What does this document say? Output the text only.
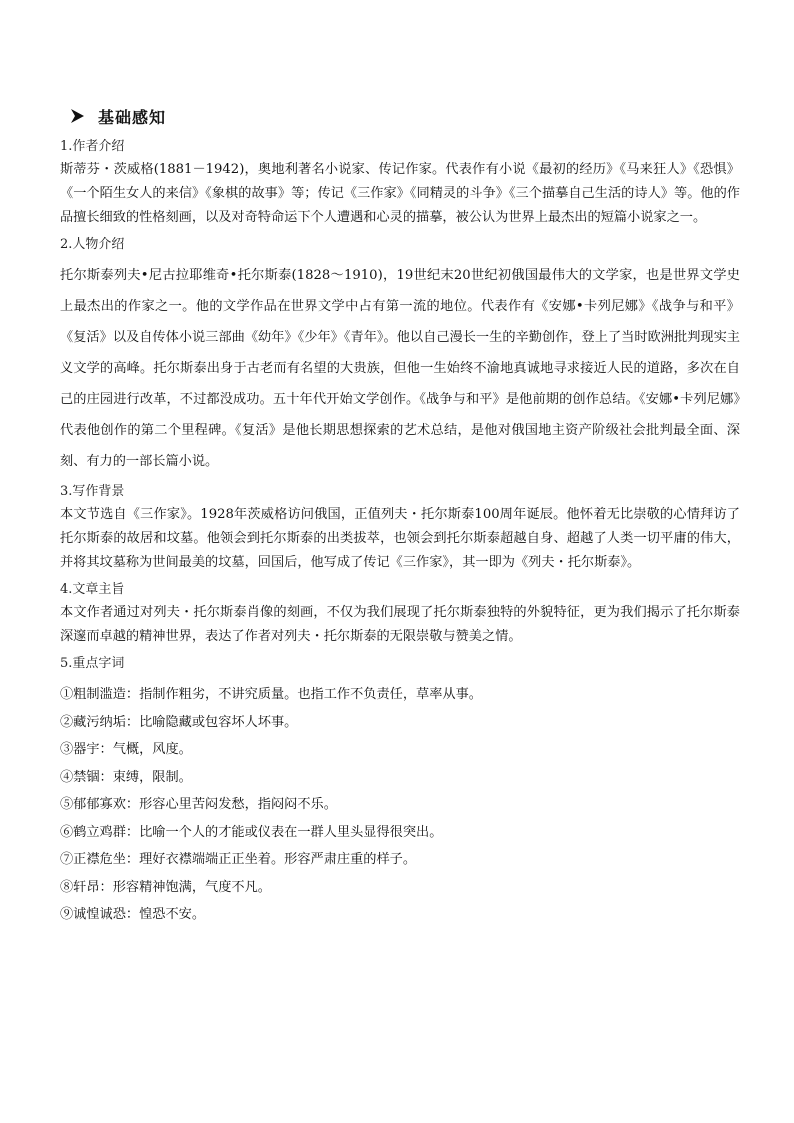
基础感知
1.作者介绍
斯蒂芬・茨威格(1881－1942)，奥地利著名小说家、传记作家。代表作有小说《最初的经历》《马来狂人》《恐惧》《一个陌生女人的来信》《象棋的故事》等；传记《三作家》《同精灵的斗争》《三个描摹自己生活的诗人》等。他的作品擅长细致的性格刻画，以及对奇特命运下个人遭遇和心灵的描摹，被公认为世界上最杰出的短篇小说家之一。
2.人物介绍
托尔斯泰列夫•尼古拉耶维奇•托尔斯泰(1828～1910)，19世纪末20世纪初俄国最伟大的文学家，也是世界文学史上最杰出的作家之一。他的文学作品在世界文学中占有第一流的地位。代表作有《安娜•卡列尼娜》《战争与和平》《复活》以及自传体小说三部曲《幼年》《少年》《青年》。他以自己漫长一生的辛勤创作，登上了当时欧洲批判现实主义文学的高峰。托尔斯泰出身于古老而有名望的大贵族，但他一生始终不渝地真诚地寻求接近人民的道路，多次在自己的庄园进行改革，不过都没成功。五十年代开始文学创作。《战争与和平》是他前期的创作总结。《安娜•卡列尼娜》代表他创作的第二个里程碑。《复活》是他长期思想探索的艺术总结，是他对俄国地主资产阶级社会批判最全面、深刻、有力的一部长篇小说。
3.写作背景
本文节选自《三作家》。1928年茨威格访问俄国，正值列夫・托尔斯泰100周年诞辰。他怀着无比崇敬的心情拜访了托尔斯泰的故居和坟墓。他领会到托尔斯泰的出类拔萃，也领会到托尔斯泰超越自身、超越了人类一切平庸的伟大，并将其坟墓称为世间最美的坟墓，回国后，他写成了传记《三作家》，其一即为《列夫・托尔斯泰》。
4.文章主旨
本文作者通过对列夫・托尔斯泰肖像的刻画，不仅为我们展现了托尔斯泰独特的外貌特征，更为我们揭示了托尔斯泰深邃而卓越的精神世界，表达了作者对列夫・托尔斯泰的无限崇敬与赞美之情。
5.重点字词
①粗制滥造：指制作粗劣，不讲究质量。也指工作不负责任，草率从事。
②藏污纳垢：比喻隐藏或包容坏人坏事。
③器宇：气概，风度。
④禁锢：束缚，限制。
⑤郁郁寡欢：形容心里苦闷发愁，指闷闷不乐。
⑥鹤立鸡群：比喻一个人的才能或仪表在一群人里头显得很突出。
⑦正襟危坐：理好衣襟端端正正坐着。形容严肃庄重的样子。
⑧轩昂：形容精神饱满，气度不凡。
⑨诚惶诚恐：惶恐不安。
